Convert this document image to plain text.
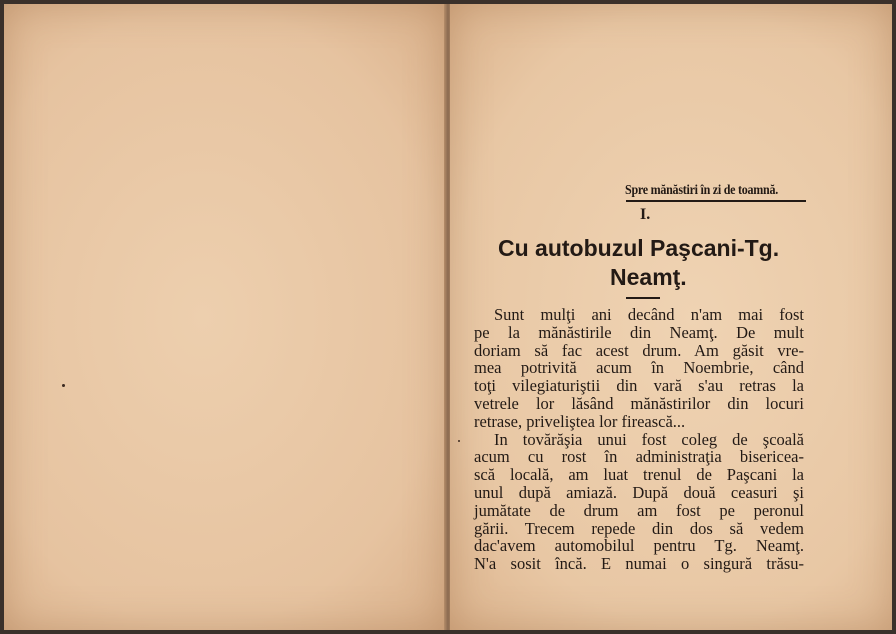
Spre mănăstiri în zi de toamnă.
I.
Cu autobuzul Paşcani-Tg.
Neamţ.
Sunt mulţi ani decând n'am mai fost
pe la mănăstirile din Neamţ. De mult
doriam să fac acest drum. Am găsit vre-
mea potrivită acum în Noembrie, când
toţi vilegiaturiştii din vară s'au retras la
vetrele lor lăsând mănăstirilor din locuri
retrase, priveliştea lor firească...
In tovărăşia unui fost coleg de şcoală
acum cu rost în administraţia bisericea-
scă locală, am luat trenul de Paşcani la
unul după amiază. După două ceasuri şi
jumătate de drum am fost pe peronul
gării. Trecem repede din dos să vedem
dac'avem automobilul pentru Tg. Neamţ.
N'a sosit încă. E numai o singură trăsu-
